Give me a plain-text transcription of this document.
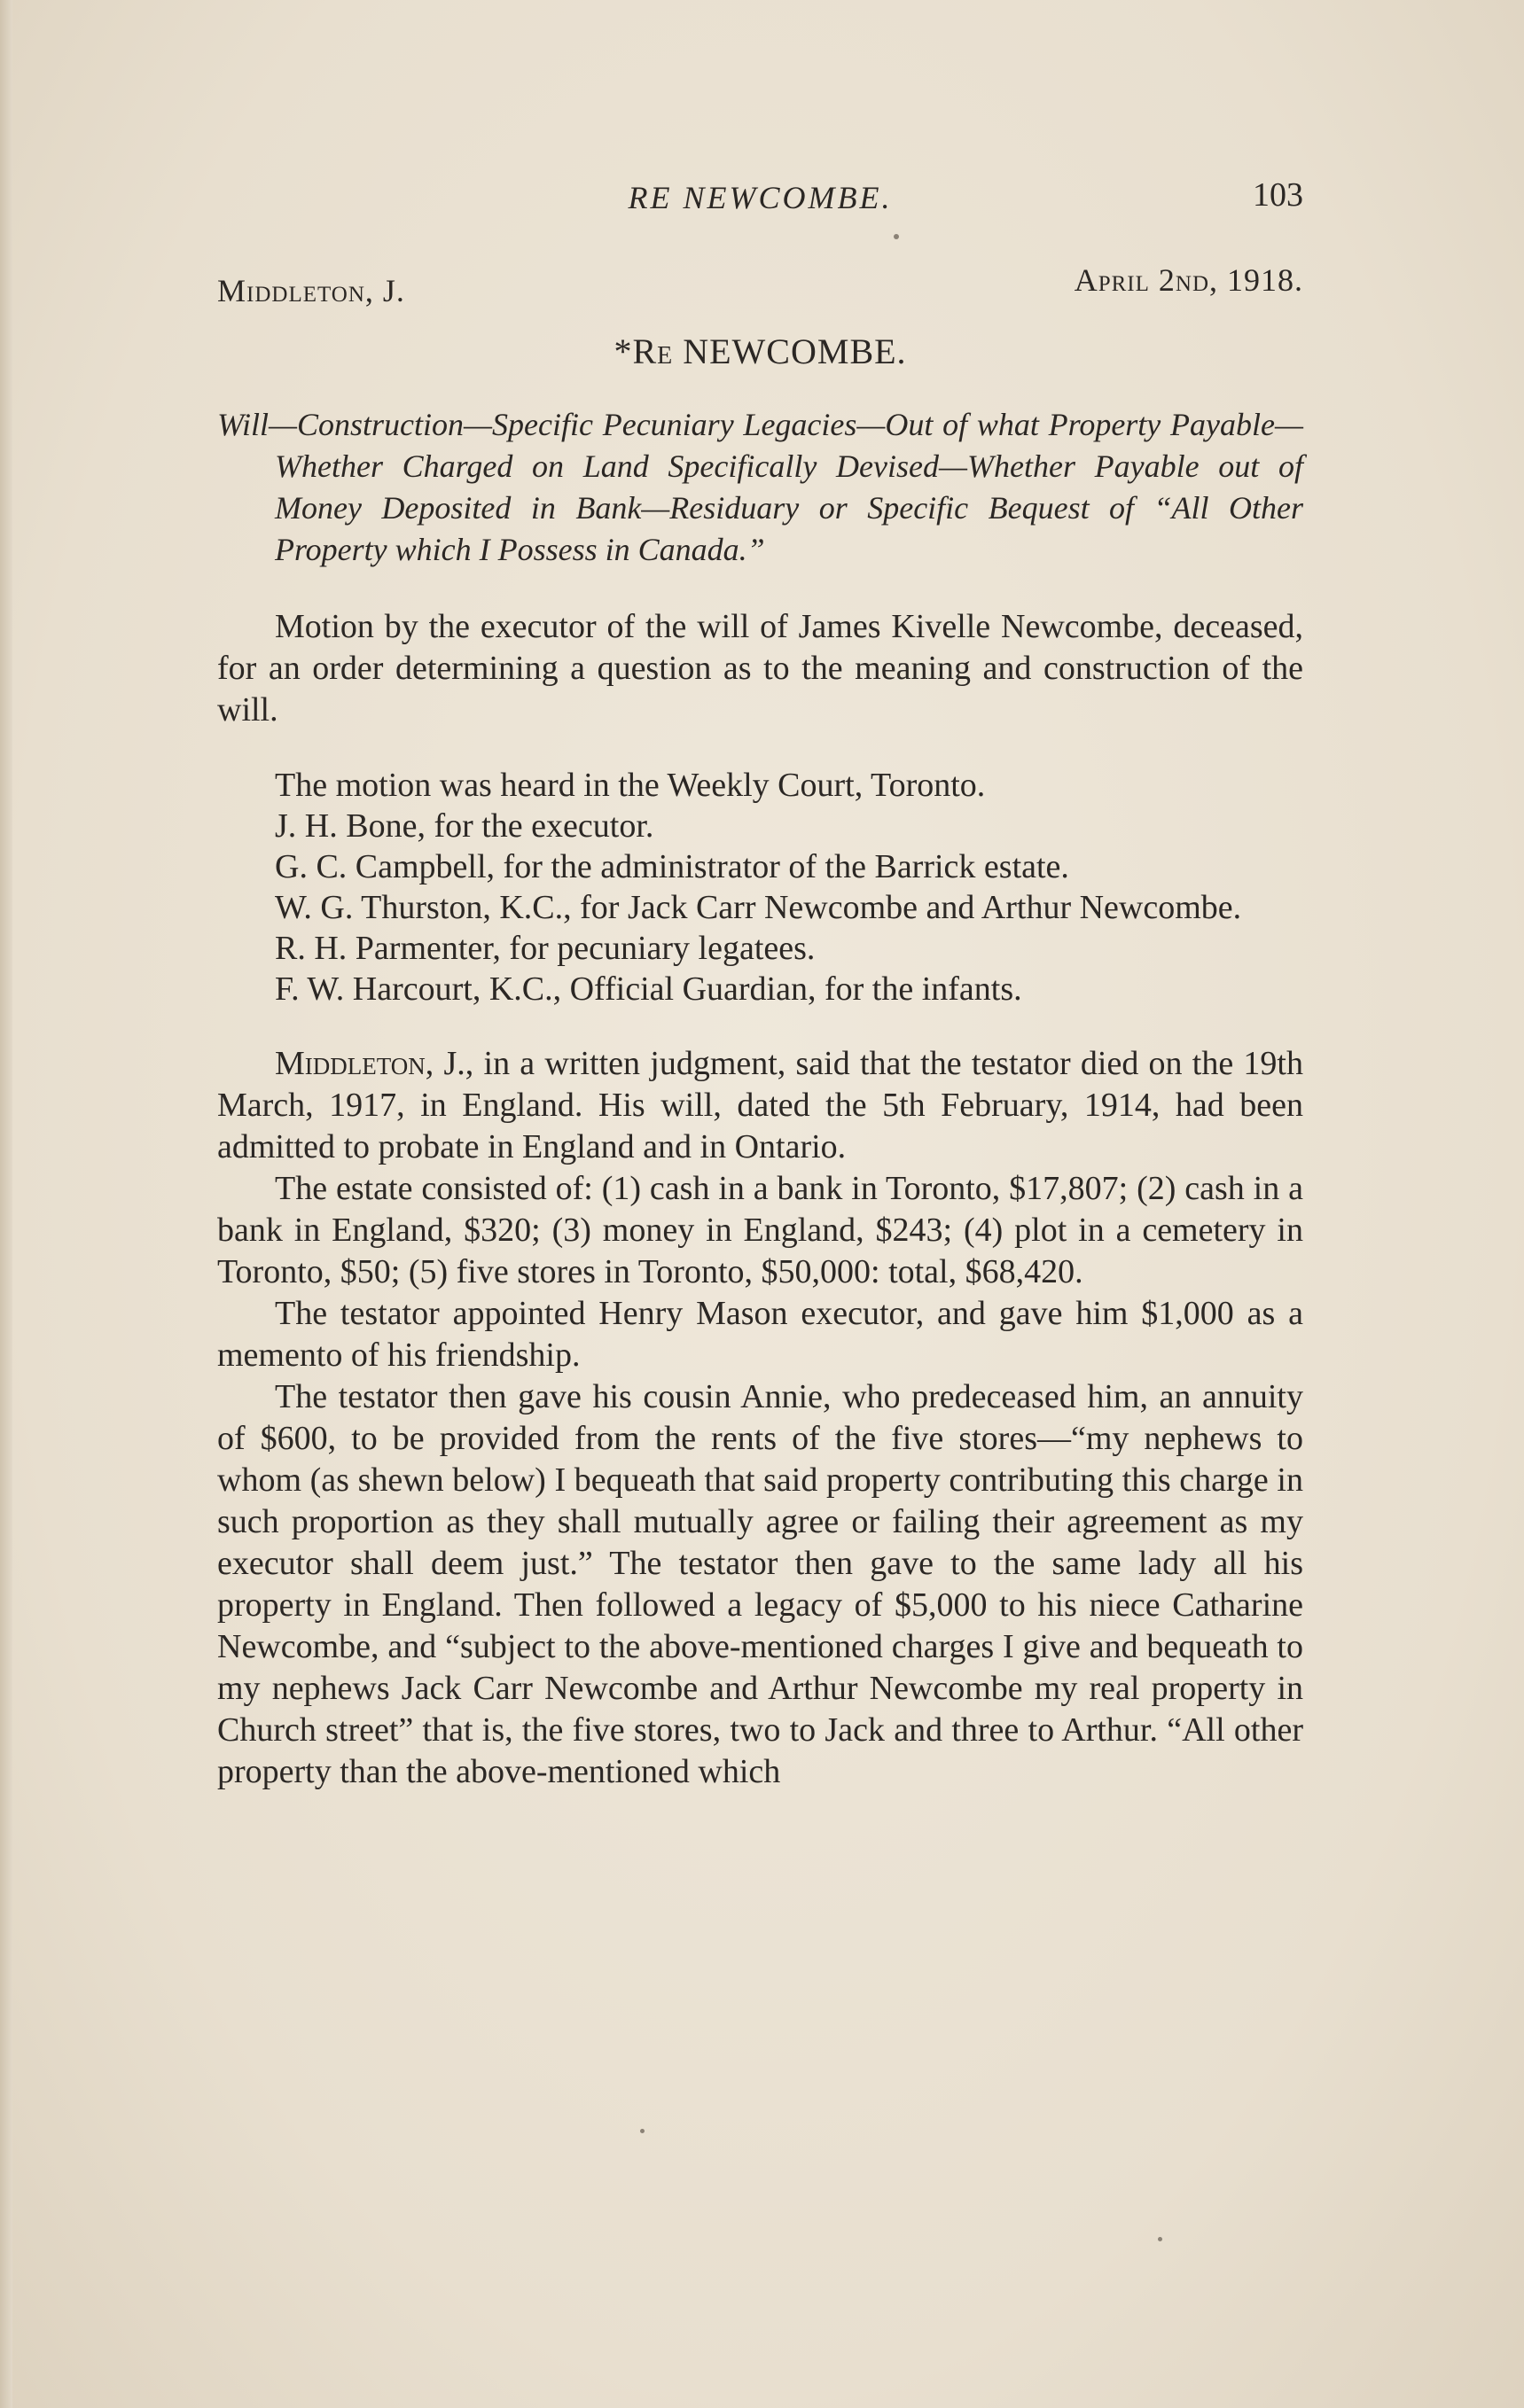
RE NEWCOMBE.	103
Middleton, J.	April 2nd, 1918.
*Re NEWCOMBE.
Will—Construction—Specific Pecuniary Legacies—Out of what Property Payable—Whether Charged on Land Specifically Devised—Whether Payable out of Money Deposited in Bank—Residuary or Specific Bequest of “All Other Property which I Possess in Canada.”

Motion by the executor of the will of James Kivelle Newcombe, deceased, for an order determining a question as to the meaning and construction of the will.

The motion was heard in the Weekly Court, Toronto.

J. H. Bone, for the executor.

G. C. Campbell, for the administrator of the Barrick estate.

W. G. Thurston, K.C., for Jack Carr Newcombe and Arthur Newcombe.

R. H. Parmenter, for pecuniary legatees.

F. W. Harcourt, K.C., Official Guardian, for the infants.

Middleton, J., in a written judgment, said that the testator died on the 19th March, 1917, in England. His will, dated the 5th February, 1914, had been admitted to probate in England and in Ontario.

The estate consisted of: (1) cash in a bank in Toronto, $17,807; (2) cash in a bank in England, $320; (3) money in England, $243; (4) plot in a cemetery in Toronto, $50; (5) five stores in Toronto, $50,000: total, $68,420.

The testator appointed Henry Mason executor, and gave him $1,000 as a memento of his friendship.

The testator then gave his cousin Annie, who predeceased him, an annuity of $600, to be provided from the rents of the five stores—“my nephews to whom (as shewn below) I bequeath that said property contributing this charge in such proportion as they shall mutually agree or failing their agreement as my executor shall deem just.” The testator then gave to the same lady all his property in England. Then followed a legacy of $5,000 to his niece Catharine Newcombe, and “subject to the above-mentioned charges I give and bequeath to my nephews Jack Carr Newcombe and Arthur Newcombe my real property in Church street” that is, the five stores, two to Jack and three to Arthur. “All other property than the above-mentioned which
